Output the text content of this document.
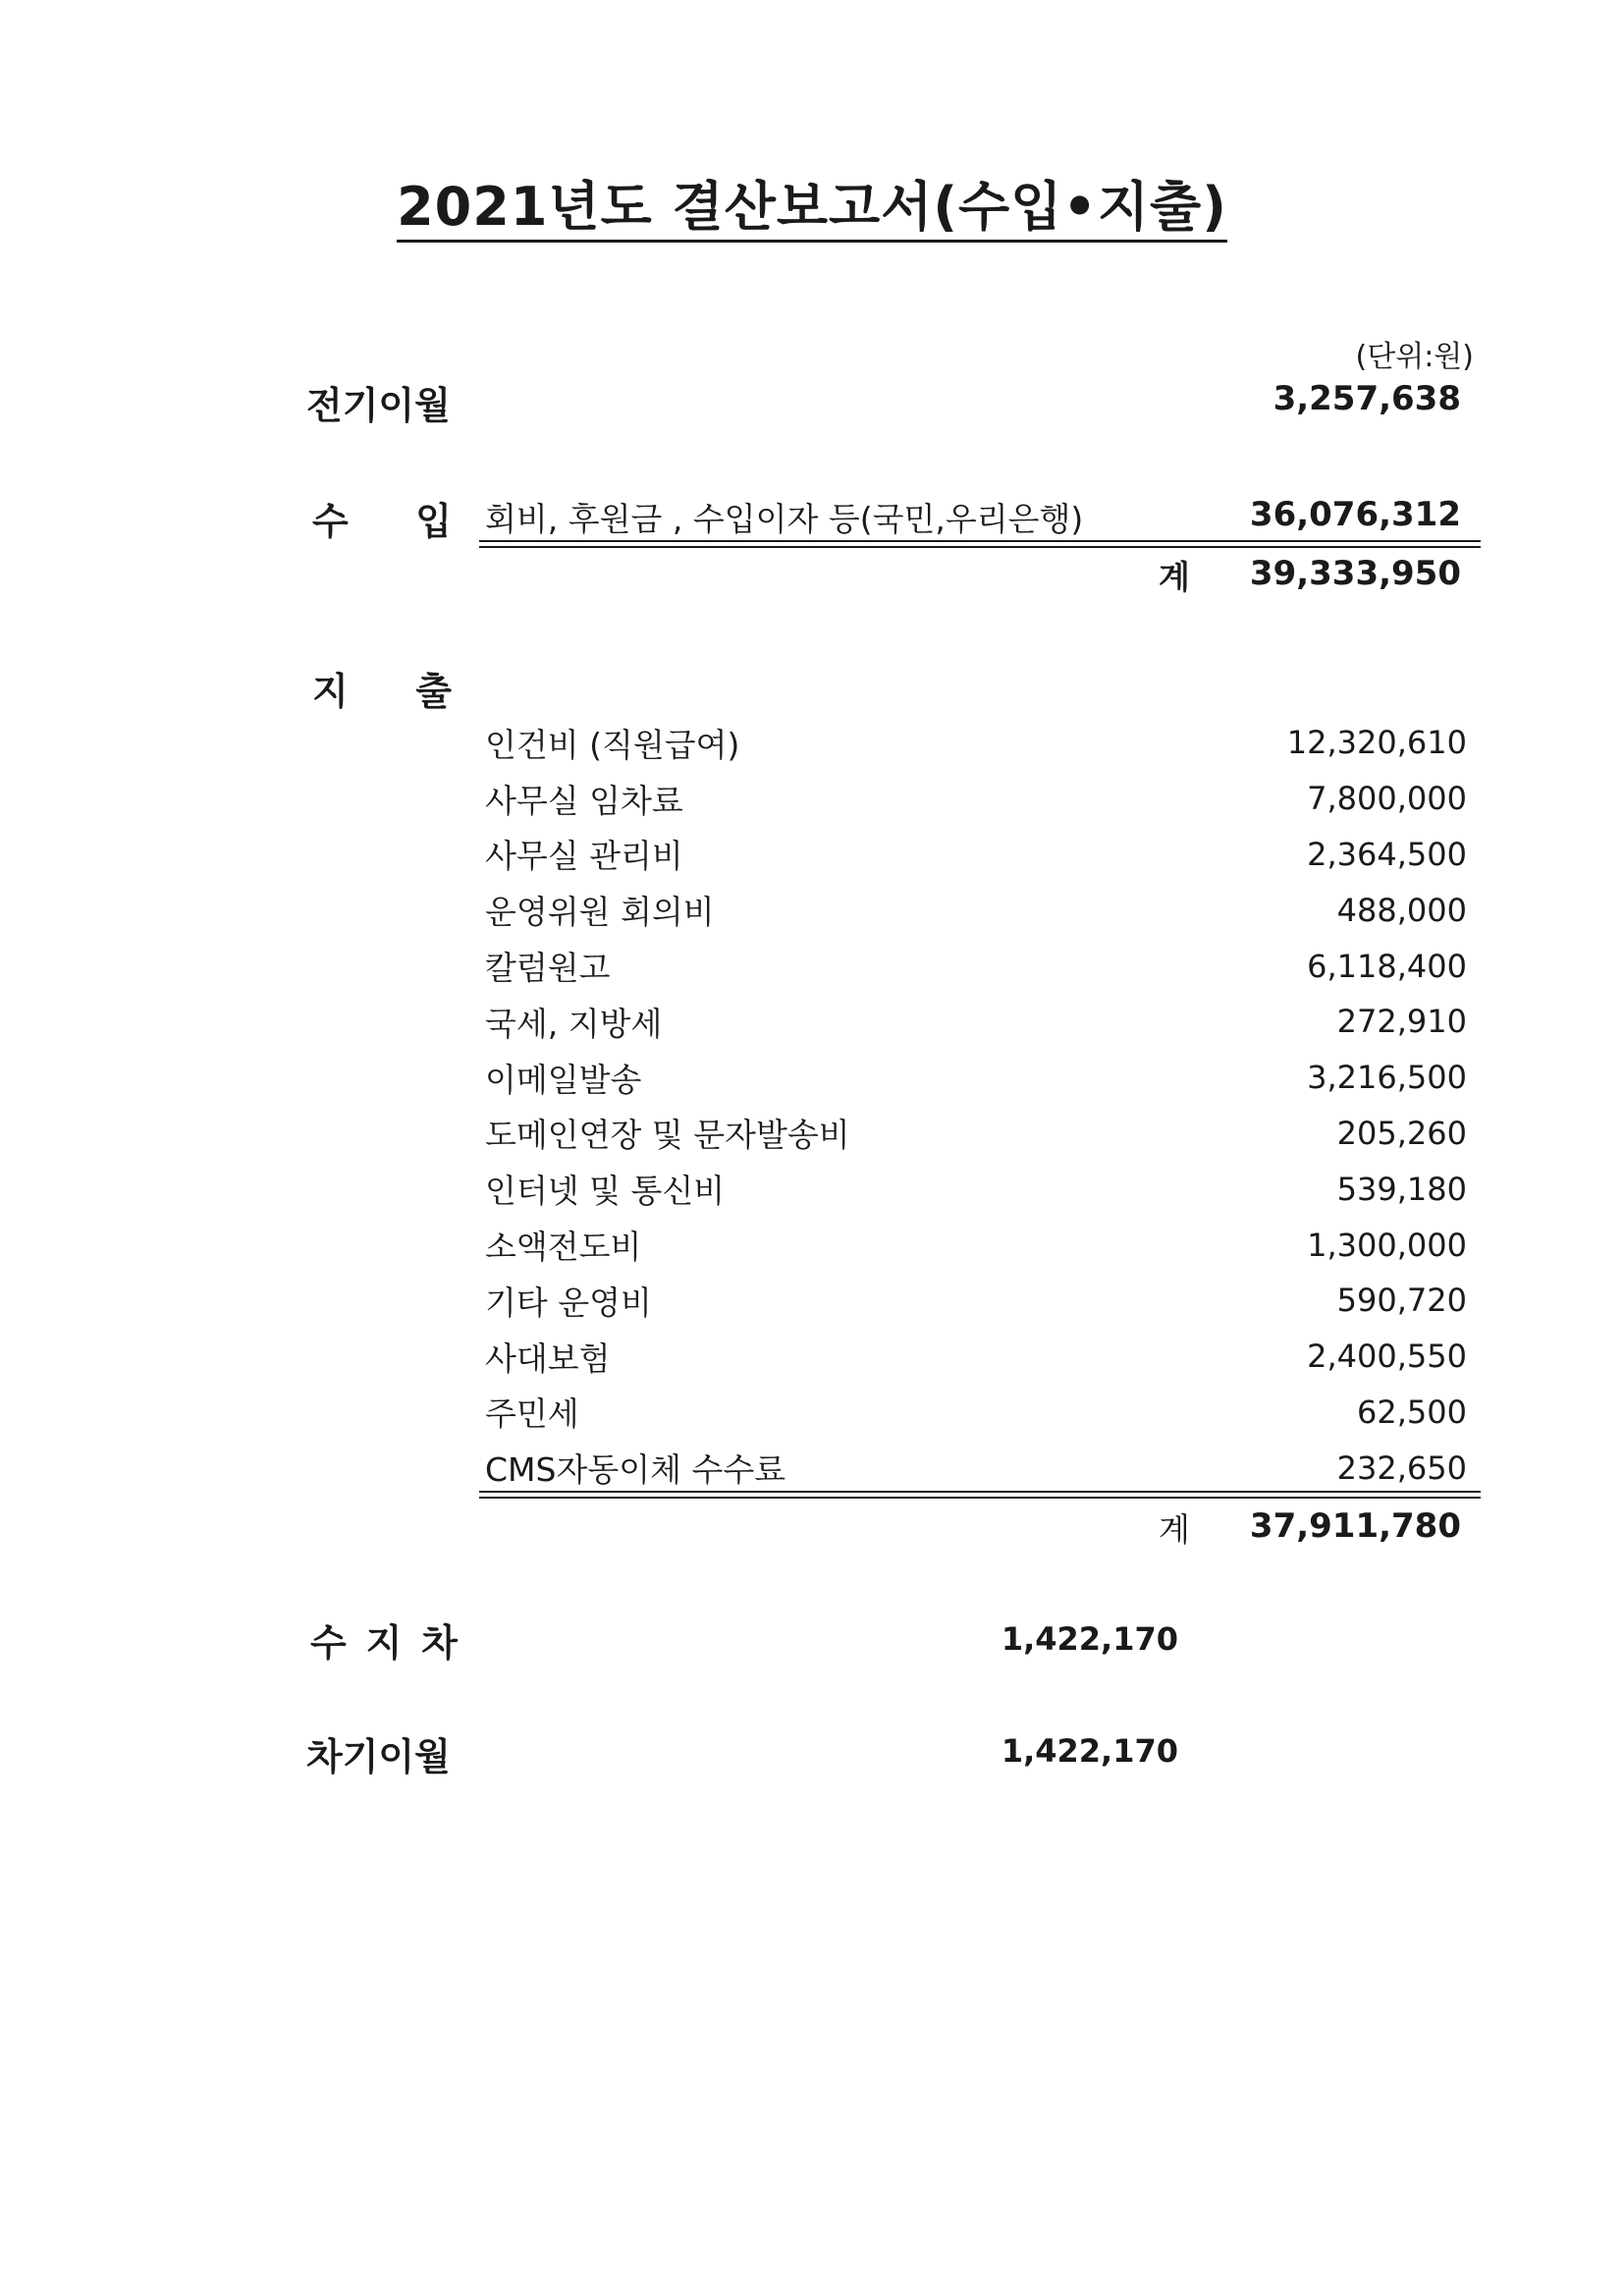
2021년도 결산보고서(수입•지출)
(단위:원)
전기이월	3,257,638
수 입 회비, 후원금 , 수입이자 등(국민,우리은행)	36,076,312
계	39,333,950
지 출
인건비 (직원급여)	12,320,610
사무실 임차료	7,800,000
사무실 관리비	2,364,500
운영위원 회의비	488,000
칼럼원고	6,118,400
국세, 지방세	272,910
이메일발송	3,216,500
도메인연장 및 문자발송비	205,260
인터넷 및 통신비	539,180
소액전도비	1,300,000
기타 운영비	590,720
사대보험	2,400,550
주민세	62,500
CMS자동이체 수수료	232,650
계	37,911,780
수 지 차	1,422,170
차기이월	1,422,170
